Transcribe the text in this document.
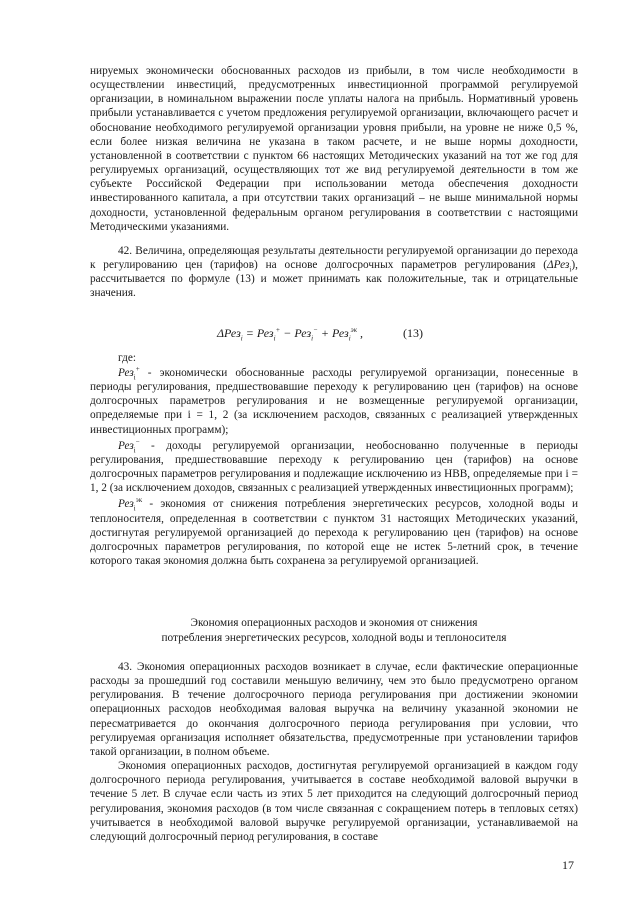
нируемых экономически обоснованных расходов из прибыли, в том числе необходимости в осуществлении инвестиций, предусмотренных инвестиционной программой регулируемой организации, в номинальном выражении после уплаты налога на прибыль. Нормативный уровень прибыли устанавливается с учетом предложения регулируемой организации, включающего расчет и обоснование необходимого регулируемой организации уровня прибыли, на уровне не ниже 0,5 %, если более низкая величина не указана в таком расчете, и не выше нормы доходности, установленной в соответствии с пунктом 66 настоящих Методических указаний на тот же год для регулируемых организаций, осуществляющих тот же вид регулируемой деятельности в том же субъекте Российской Федерации при использовании метода обеспечения доходности инвестированного капитала, а при отсутствии таких организаций – не выше минимальной нормы доходности, установленной федеральным органом регулирования в соответствии с настоящими Методическими указаниями.

42. Величина, определяющая результаты деятельности регулируемой организации до перехода к регулированию цен (тарифов) на основе долгосрочных параметров регулирования (ΔРез$_i$), рассчитывается по формуле (13) и может принимать как положительные, так и отрицательные значения.

ΔРез$_i$ = Рез$_i$+ − Рез$_i$− + Рез$_i^{эк}$ ,	(13)
где:

Рез$_i$+ - экономически обоснованные расходы регулируемой организации, понесенные в периоды регулирования, предшествовавшие переходу к регулированию цен (тарифов) на основе долгосрочных параметров регулирования и не возмещенные регулируемой организации, определяемые при i = 1, 2 (за исключением расходов, связанных с реализацией утвержденных инвестиционных программ);

Рез$_i$− - доходы регулируемой организации, необоснованно полученные в периоды регулирования, предшествовавшие переходу к регулированию цен (тарифов) на основе долгосрочных параметров регулирования и подлежащие исключению из НВВ, определяемые при i = 1, 2 (за исключением доходов, связанных с реализацией утвержденных инвестиционных программ);

Рез$_i^{эк}$ - экономия от снижения потребления энергетических ресурсов, холодной воды и теплоносителя, определенная в соответствии с пунктом 31 настоящих Методических указаний, достигнутая регулируемой организацией до перехода к регулированию цен (тарифов) на основе долгосрочных параметров регулирования, по которой еще не истек 5-летний срок, в течение которого такая экономия должна быть сохранена за регулируемой организацией.

Экономия операционных расходов и экономия от снижения
потребления энергетических ресурсов, холодной воды и теплоносителя

43. Экономия операционных расходов возникает в случае, если фактические операционные расходы за прошедший год составили меньшую величину, чем это было предусмотрено органом регулирования. В течение долгосрочного периода регулирования при достижении экономии операционных расходов необходимая валовая выручка на величину указанной экономии не пересматривается до окончания долгосрочного периода регулирования при условии, что регулируемая организация исполняет обязательства, предусмотренные при установлении тарифов такой организации, в полном объеме.

Экономия операционных расходов, достигнутая регулируемой организацией в каждом году долгосрочного периода регулирования, учитывается в составе необходимой валовой выручки в течение 5 лет. В случае если часть из этих 5 лет приходится на следующий долгосрочный период регулирования, экономия расходов (в том числе связанная с сокращением потерь в тепловых сетях) учитывается в необходимой валовой выручке регулируемой организации, устанавливаемой на следующий долгосрочный период регулирования, в составе

17
